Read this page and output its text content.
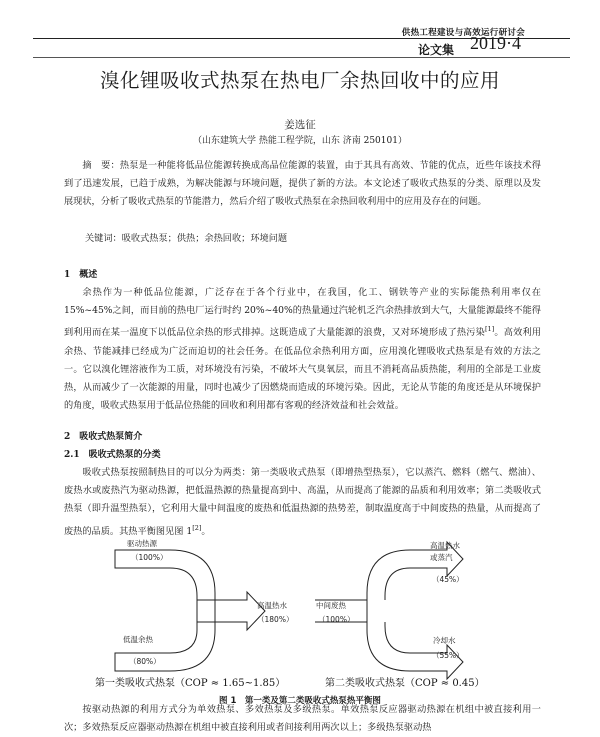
供热工程建设与高效运行研讨会
论文集 2019·4
溴化锂吸收式热泵在热电厂余热回收中的应用
姜选征
（山东建筑大学 热能工程学院，山东 济南 250101）
摘　要：热泵是一种能将低品位能源转换成高品位能源的装置，由于其具有高效、节能的优点，近些年该技术得到了迅速发展，已趋于成熟，为解决能源与环境问题，提供了新的方法。本文论述了吸收式热泵的分类、原理以及发展现状，分析了吸收式热泵的节能潜力，然后介绍了吸收式热泵在余热回收利用中的应用及存在的问题。
关键词：吸收式热泵；供热；余热回收；环境问题
1　概述
余热作为一种低品位能源，广泛存在于各个行业中，在我国，化工、钢铁等产业的实际能热利用率仅在 15%~45%之间，而目前的热电厂运行时约 20%~40%的热量通过汽轮机乏汽余热排放到大气，大量能源最终不能得到利用而在某一温度下以低品位余热的形式排掉。这既造成了大量能源的浪费，又对环境形成了热污染[1]。高效利用余热、节能减排已经成为广泛而迫切的社会任务。在低品位余热利用方面，应用溴化锂吸收式热泵是有效的方法之一。它以溴化锂溶液作为工质，对环境没有污染，不破坏大气臭氧层，而且不消耗高品质热能，利用的全部是工业废热，从而减少了一次能源的用量，同时也减少了因燃烧而造成的环境污染。因此，无论从节能的角度还是从环境保护的角度，吸收式热泵用于低品位热能的回收和利用都有客观的经济效益和社会效益。
2　吸收式热泵简介
2.1　吸收式热泵的分类
吸收式热泵按照制热目的可以分为两类：第一类吸收式热泵（即增热型热泵），它以蒸汽、燃料（燃气、燃油）、废热水或废热汽为驱动热源，把低温热源的热量提高到中、高温，从而提高了能源的品质和利用效率；第二类吸收式热泵（即升温型热泵），它利用大量中间温度的废热和低温热源的热势差，制取温度高于中间废热的热量，从而提高了废热的品质。其热平衡图见图 1[2]。
驱动热源
（100%）
低温余热
（80%）
高温热水
（180%）
中间废热
（100%）
高温热水
或蒸汽
（45%）
冷却水
（55%）
第一类吸收式热泵（COP ≈ 1.65~1.85）	第二类吸收式热泵（COP ≈ 0.45）
图 1　第一类及第二类吸收式热泵热平衡图
按驱动热源的利用方式分为单效热泵、多效热泵及多级热泵。单效热泵反应器驱动热源在机组中被直接利用一次；多效热泵反应器驱动热源在机组中被直接利用或者间接利用两次以上；多级热泵驱动热
